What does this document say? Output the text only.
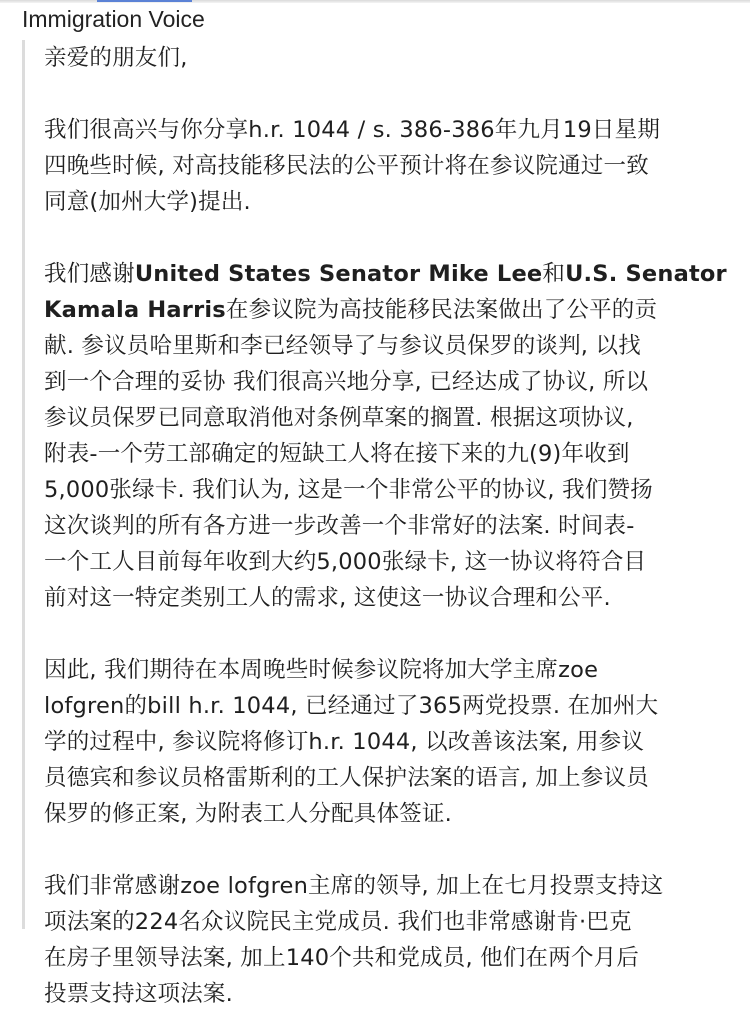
Immigration Voice
亲爱的朋友们,
我们很高兴与你分享h.r. 1044 / s. 386-386年九月19日星期
四晚些时候, 对高技能移民法的公平预计将在参议院通过一致
同意(加州大学)提出.
我们感谢United States Senator Mike Lee和U.S. Senator
Kamala Harris在参议院为高技能移民法案做出了公平的贡
献. 参议员哈里斯和李已经领导了与参议员保罗的谈判, 以找
到一个合理的妥协 我们很高兴地分享, 已经达成了协议, 所以
参议员保罗已同意取消他对条例草案的搁置. 根据这项协议,
附表-一个劳工部确定的短缺工人将在接下来的九(9)年收到
5,000张绿卡. 我们认为, 这是一个非常公平的协议, 我们赞扬
这次谈判的所有各方进一步改善一个非常好的法案. 时间表-
一个工人目前每年收到大约5,000张绿卡, 这一协议将符合目
前对这一特定类别工人的需求, 这使这一协议合理和公平.
因此, 我们期待在本周晚些时候参议院将加大学主席zoe
lofgren的bill h.r. 1044, 已经通过了365两党投票. 在加州大
学的过程中, 参议院将修订h.r. 1044, 以改善该法案, 用参议
员德宾和参议员格雷斯利的工人保护法案的语言, 加上参议员
保罗的修正案, 为附表工人分配具体签证.
我们非常感谢zoe lofgren主席的领导, 加上在七月投票支持这
项法案的224名众议院民主党成员. 我们也非常感谢肯·巴克
在房子里领导法案, 加上140个共和党成员, 他们在两个月后
投票支持这项法案.
